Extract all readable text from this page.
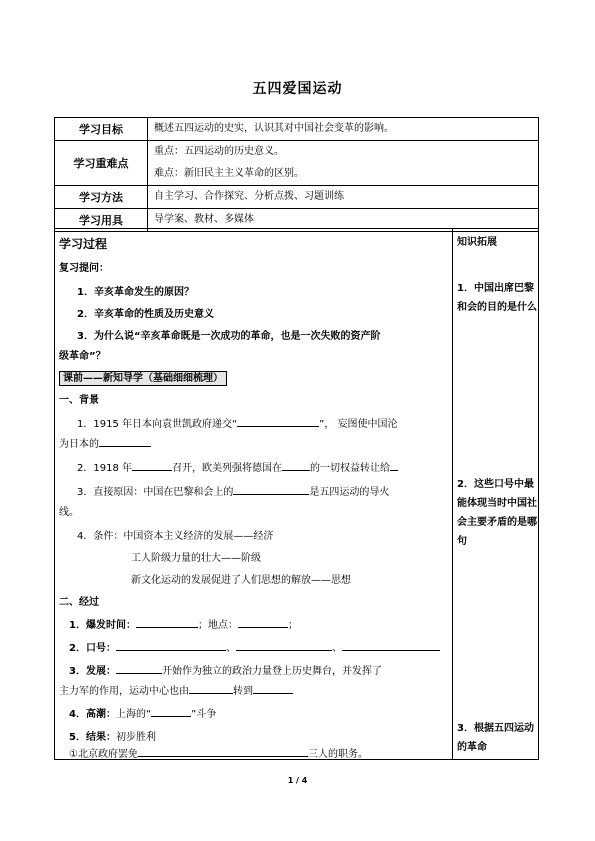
五四爱国运动
学习目标	概述五四运动的史实，认识其对中国社会变革的影响。
学习重难点	重点：五四运动的历史意义。
难点：新旧民主主义革命的区别。

学习方法	自主学习、合作探究、分析点拨、习题训练
学习用具	导学案、教材、多媒体
学习过程
复习提问：
1．辛亥革命发生的原因？
2．辛亥革命的性质及历史意义
3．为什么说“辛亥革命既是一次成功的革命，也是一次失败的资产阶
级革命”？
课前——新知导学（基础细细梳理）
一、背景
1．1915 年日本向袁世凯政府递交“	”， 妄图使中国沦
为日本的
2．1918 年	召开，欧美列强将德国在	的一切权益转让给
3．直接原因：中国在巴黎和会上的	是五四运动的导火
线。
4．条件：中国资本主义经济的发展——经济
工人阶级力量的壮大——阶级
新文化运动的发展促进了人们思想的解放——思想
二、经过
1．爆发时间：	；地点：	；
2．口号：	、	、
3．发展：	开始作为独立的政治力量登上历史舞台，并发挥了
主力军的作用，运动中心也由	转到
4．高潮：上海的“	”斗争
5．结果：初步胜利
①北京政府罢免	三人的职务。
知识拓展
1．中国出席巴黎和会的目的是什么
2．这些口号中最能体现当时中国社会主要矛盾的是哪句
3．根据五四运动的革命
1 / 4
